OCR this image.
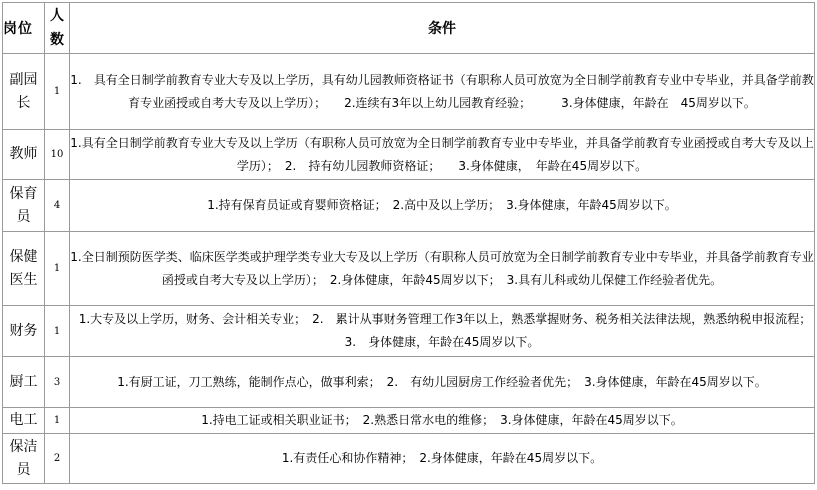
岗位	人数	条件
副园长	1	1.　具有全日制学前教育专业大专及以上学历，具有幼儿园教师资格证书（有职称人员可放宽为全日制学前教育专业中专毕业，并具备学前教育专业函授或自考大专及以上学历）；　　2.连续有3年以上幼儿园教育经验；　　　3.身体健康，年龄在　45周岁以下。

教师	10	1.具有全日制学前教育专业大专及以上学历（有职称人员可放宽为全日制学前教育专业中专毕业，并具备学前教育专业函授或自考大专及以上学历）；　2.　持有幼儿园教师资格证；　　3.身体健康，　年龄在45周岁以下。

保育员	4	1.持有保育员证或育婴师资格证；　2.高中及以上学历；　3.身体健康，年龄45周岁以下。

保健医生	1	1.全日制预防医学类、临床医学类或护理学类专业大专及以上学历（有职称人员可放宽为全日制学前教育专业中专毕业，并具备学前教育专业函授或自考大专及以上学历）；　2.身体健康，年龄45周岁以下；　3.具有儿科或幼儿保健工作经验者优先。

财务	1	1.大专及以上学历，财务、会计相关专业；　2.　累计从事财务管理工作3年以上，熟悉掌握财务、税务相关法律法规，熟悉纳税申报流程；　3.　身体健康，年龄在45周岁以下。

厨工	3	1.有厨工证，刀工熟练，能制作点心，做事利索；　2.　有幼儿园厨房工作经验者优先；　3.身体健康，年龄在45周岁以下。

电工	1	1.持电工证或相关职业证书；　2.熟悉日常水电的维修；　3.身体健康，年龄在45周岁以下。

保洁员	2	1.有责任心和协作精神；　2.身体健康，年龄在45周岁以下。
